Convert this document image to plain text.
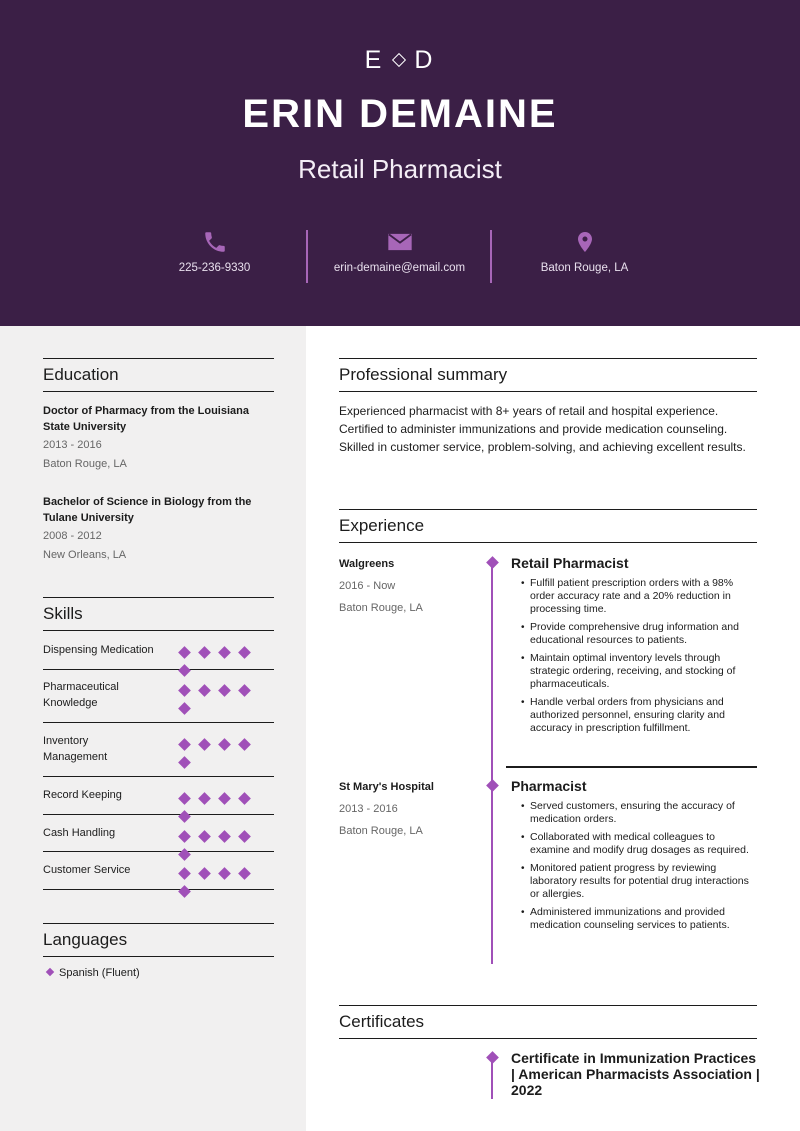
E D
ERIN DEMAINE
Retail Pharmacist
225-236-9330	erin-demaine@email.com	Baton Rouge, LA
Education
Doctor of Pharmacy from the Louisiana State University
2013 - 2016
Baton Rouge, LA
Bachelor of Science in Biology from the Tulane University
2008 - 2012
New Orleans, LA
Skills
Dispensing Medication
Pharmaceutical Knowledge
Inventory Management
Record Keeping
Cash Handling
Customer Service
Languages
Spanish (Fluent)
Professional summary
Experienced pharmacist with 8+ years of retail and hospital experience. Certified to administer immunizations and provide medication counseling. Skilled in customer service, problem-solving, and achieving excellent results.
Experience
Walgreens
2016 - Now
Baton Rouge, LA
Retail Pharmacist
• Fulfill patient prescription orders with a 98% order accuracy rate and a 20% reduction in processing time.
• Provide comprehensive drug information and educational resources to patients.
• Maintain optimal inventory levels through strategic ordering, receiving, and stocking of pharmaceuticals.
• Handle verbal orders from physicians and authorized personnel, ensuring clarity and accuracy in prescription fulfillment.
St Mary's Hospital
2013 - 2016
Baton Rouge, LA
Pharmacist
• Served customers, ensuring the accuracy of medication orders.
• Collaborated with medical colleagues to examine and modify drug dosages as required.
• Monitored patient progress by reviewing laboratory results for potential drug interactions or allergies.
• Administered immunizations and provided medication counseling services to patients.
Certificates
Certificate in Immunization Practices | American Pharmacists Association | 2022
